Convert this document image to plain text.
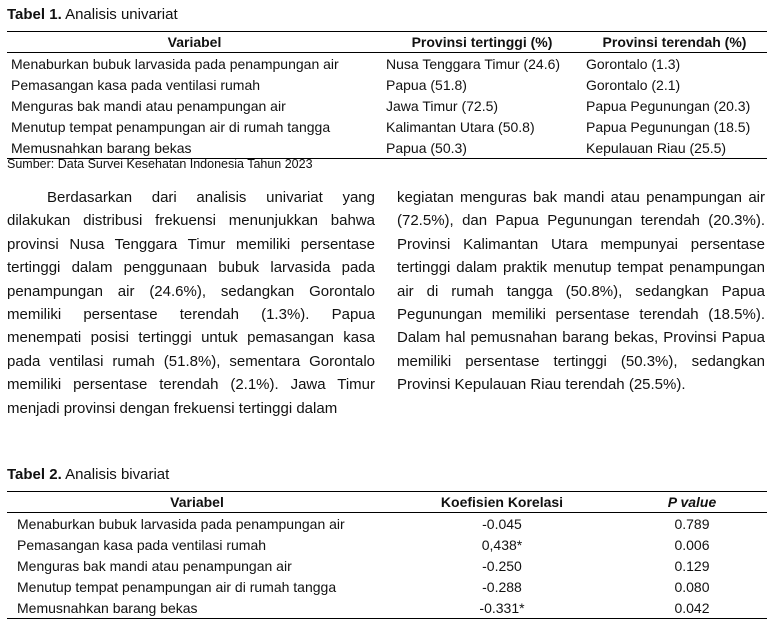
Tabel 1. Analisis univariat
Variabel	Provinsi tertinggi (%)	Provinsi terendah (%)
Menaburkan bubuk larvasida pada penampungan air	Nusa Tenggara Timur (24.6)	Gorontalo (1.3)
Pemasangan kasa pada ventilasi rumah	Papua (51.8)	Gorontalo (2.1)
Menguras bak mandi atau penampungan air	Jawa Timur (72.5)	Papua Pegunungan (20.3)
Menutup tempat penampungan air di rumah tangga	Kalimantan Utara (50.8)	Papua Pegunungan (18.5)
Memusnahkan barang bekas	Papua (50.3)	Kepulauan Riau (25.5)
Sumber: Data Survei Kesehatan Indonesia Tahun 2023

Berdasarkan dari analisis univariat yang dilakukan distribusi frekuensi menunjukkan bahwa provinsi Nusa Tenggara Timur memiliki persentase tertinggi dalam penggunaan bubuk larvasida pada penampungan air (24.6%), sedangkan Gorontalo memiliki persentase terendah (1.3%). Papua menempati posisi tertinggi untuk pemasangan kasa pada ventilasi rumah (51.8%), sementara Gorontalo memiliki persentase terendah (2.1%). Jawa Timur menjadi provinsi dengan frekuensi tertinggi dalam

kegiatan menguras bak mandi atau penampungan air (72.5%), dan Papua Pegunungan terendah (20.3%). Provinsi Kalimantan Utara mempunyai persentase tertinggi dalam praktik menutup tempat penampungan air di rumah tangga (50.8%), sedangkan Papua Pegunungan memiliki persentase terendah (18.5%). Dalam hal pemusnahan barang bekas, Provinsi Papua memiliki persentase tertinggi (50.3%), sedangkan Provinsi Kepulauan Riau terendah (25.5%).

Tabel 2. Analisis bivariat
Variabel	Koefisien Korelasi	P value
Menaburkan bubuk larvasida pada penampungan air	-0.045	0.789
Pemasangan kasa pada ventilasi rumah	0,438*	0.006
Menguras bak mandi atau penampungan air	-0.250	0.129
Menutup tempat penampungan air di rumah tangga	-0.288	0.080
Memusnahkan barang bekas	-0.331*	0.042
